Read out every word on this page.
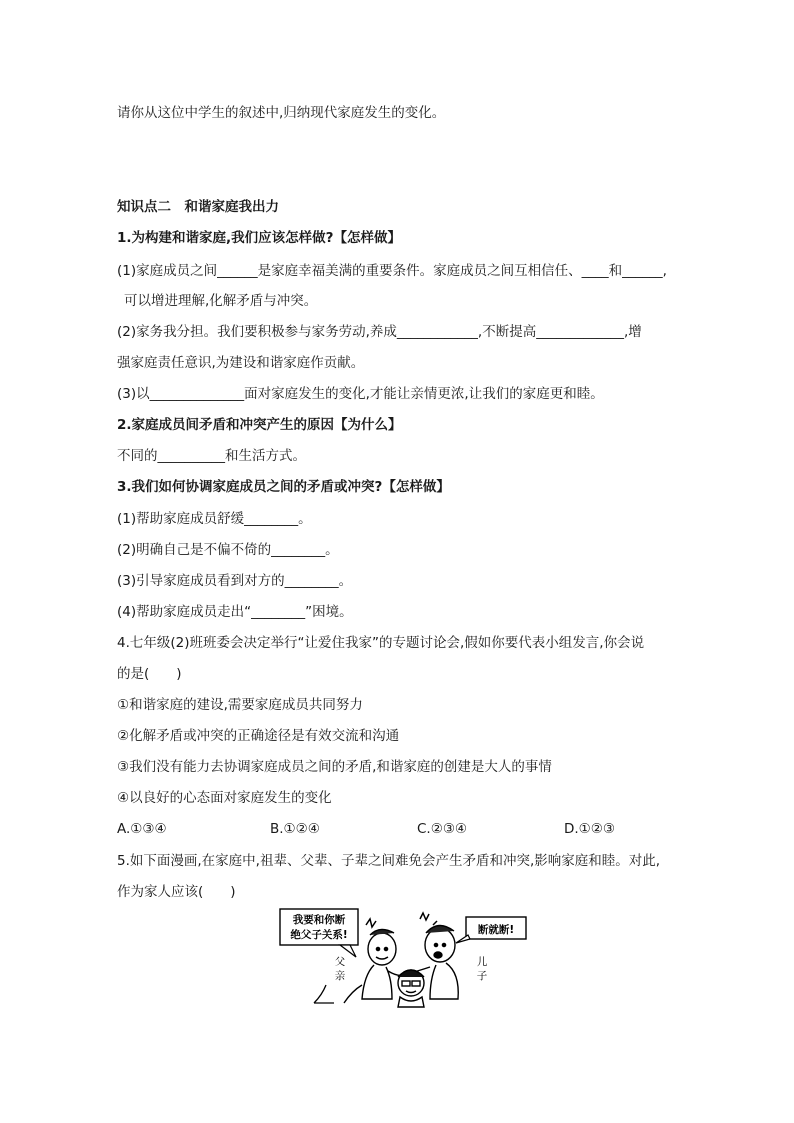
请你从这位中学生的叙述中,归纳现代家庭发生的变化。
知识点二　和谐家庭我出力
1.为构建和谐家庭,我们应该怎样做?【怎样做】
(1)家庭成员之间______是家庭幸福美满的重要条件。家庭成员之间互相信任、____和______,
可以增进理解,化解矛盾与冲突。
(2)家务我分担。我们要积极参与家务劳动,养成____________,不断提高_____________,增
强家庭责任意识,为建设和谐家庭作贡献。
(3)以______________面对家庭发生的变化,才能让亲情更浓,让我们的家庭更和睦。
2.家庭成员间矛盾和冲突产生的原因【为什么】
不同的__________和生活方式。
3.我们如何协调家庭成员之间的矛盾或冲突?【怎样做】
(1)帮助家庭成员舒缓________。
(2)明确自己是不偏不倚的________。
(3)引导家庭成员看到对方的________。
(4)帮助家庭成员走出“________”困境。
4.七年级(2)班班委会决定举行“让爱住我家”的专题讨论会,假如你要代表小组发言,你会说
的是(　　)
①和谐家庭的建设,需要家庭成员共同努力
②化解矛盾或冲突的正确途径是有效交流和沟通
③我们没有能力去协调家庭成员之间的矛盾,和谐家庭的创建是大人的事情
④以良好的心态面对家庭发生的变化
A.①③④	B.①②④	C.②③④	D.①②③
5.如下面漫画,在家庭中,祖辈、父辈、子辈之间难免会产生矛盾和冲突,影响家庭和睦。对此,
作为家人应该(　　)
我要和你断
绝父子关系!	断就断!
父
亲
儿
子
